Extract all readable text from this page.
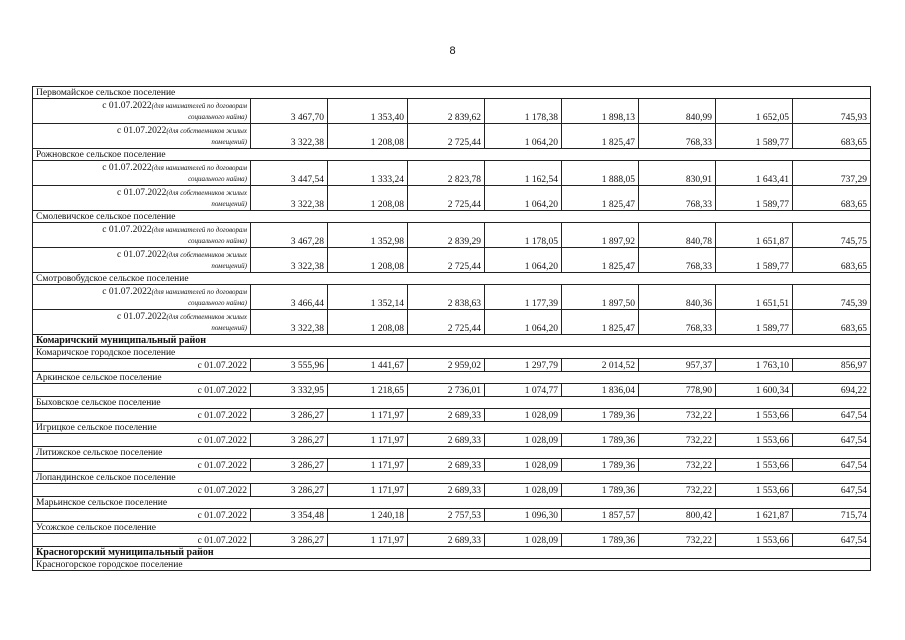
8
Первомайское сельское поселение								

с 01.07.2022(для нанимателей по договорам
социального найма)	3 467,70	1 353,40	2 839,62	1 178,38	1 898,13	840,99	1 652,05	745,93

с 01.07.2022(для собственников жилых
помещений)	3 322,38	1 208,08	2 725,44	1 064,20	1 825,47	768,33	1 589,77	683,65
Рожновское сельское поселение								

с 01.07.2022(для нанимателей по договорам
социального найма)	3 447,54	1 333,24	2 823,78	1 162,54	1 888,05	830,91	1 643,41	737,29

с 01.07.2022(для собственников жилых
помещений)	3 322,38	1 208,08	2 725,44	1 064,20	1 825,47	768,33	1 589,77	683,65
Смолевичское сельское поселение								

с 01.07.2022(для нанимателей по договорам
социального найма)	3 467,28	1 352,98	2 839,29	1 178,05	1 897,92	840,78	1 651,87	745,75

с 01.07.2022(для собственников жилых
помещений)	3 322,38	1 208,08	2 725,44	1 064,20	1 825,47	768,33	1 589,77	683,65
Смотровобудское сельское поселение								

с 01.07.2022(для нанимателей по договорам
социального найма)	3 466,44	1 352,14	2 838,63	1 177,39	1 897,50	840,36	1 651,51	745,39

с 01.07.2022(для собственников жилых
помещений)	3 322,38	1 208,08	2 725,44	1 064,20	1 825,47	768,33	1 589,77	683,65
Комаричский муниципальный район								
Комаричское городское поселение								
с 01.07.2022	3 555,96	1 441,67	2 959,02	1 297,79	2 014,52	957,37	1 763,10	856,97
Аркинское сельское поселение								
с 01.07.2022	3 332,95	1 218,65	2 736,01	1 074,77	1 836,04	778,90	1 600,34	694,22
Быховское сельское поселение								
с 01.07.2022	3 286,27	1 171,97	2 689,33	1 028,09	1 789,36	732,22	1 553,66	647,54
Игрицкое сельское поселение								
с 01.07.2022	3 286,27	1 171,97	2 689,33	1 028,09	1 789,36	732,22	1 553,66	647,54
Литижское сельское поселение								
с 01.07.2022	3 286,27	1 171,97	2 689,33	1 028,09	1 789,36	732,22	1 553,66	647,54
Лопандинское сельское поселение								
с 01.07.2022	3 286,27	1 171,97	2 689,33	1 028,09	1 789,36	732,22	1 553,66	647,54
Марьинское сельское поселение								
с 01.07.2022	3 354,48	1 240,18	2 757,53	1 096,30	1 857,57	800,42	1 621,87	715,74
Усожское сельское поселение								
с 01.07.2022	3 286,27	1 171,97	2 689,33	1 028,09	1 789,36	732,22	1 553,66	647,54
Красногорский муниципальный район								
Красногорское городское поселение								
